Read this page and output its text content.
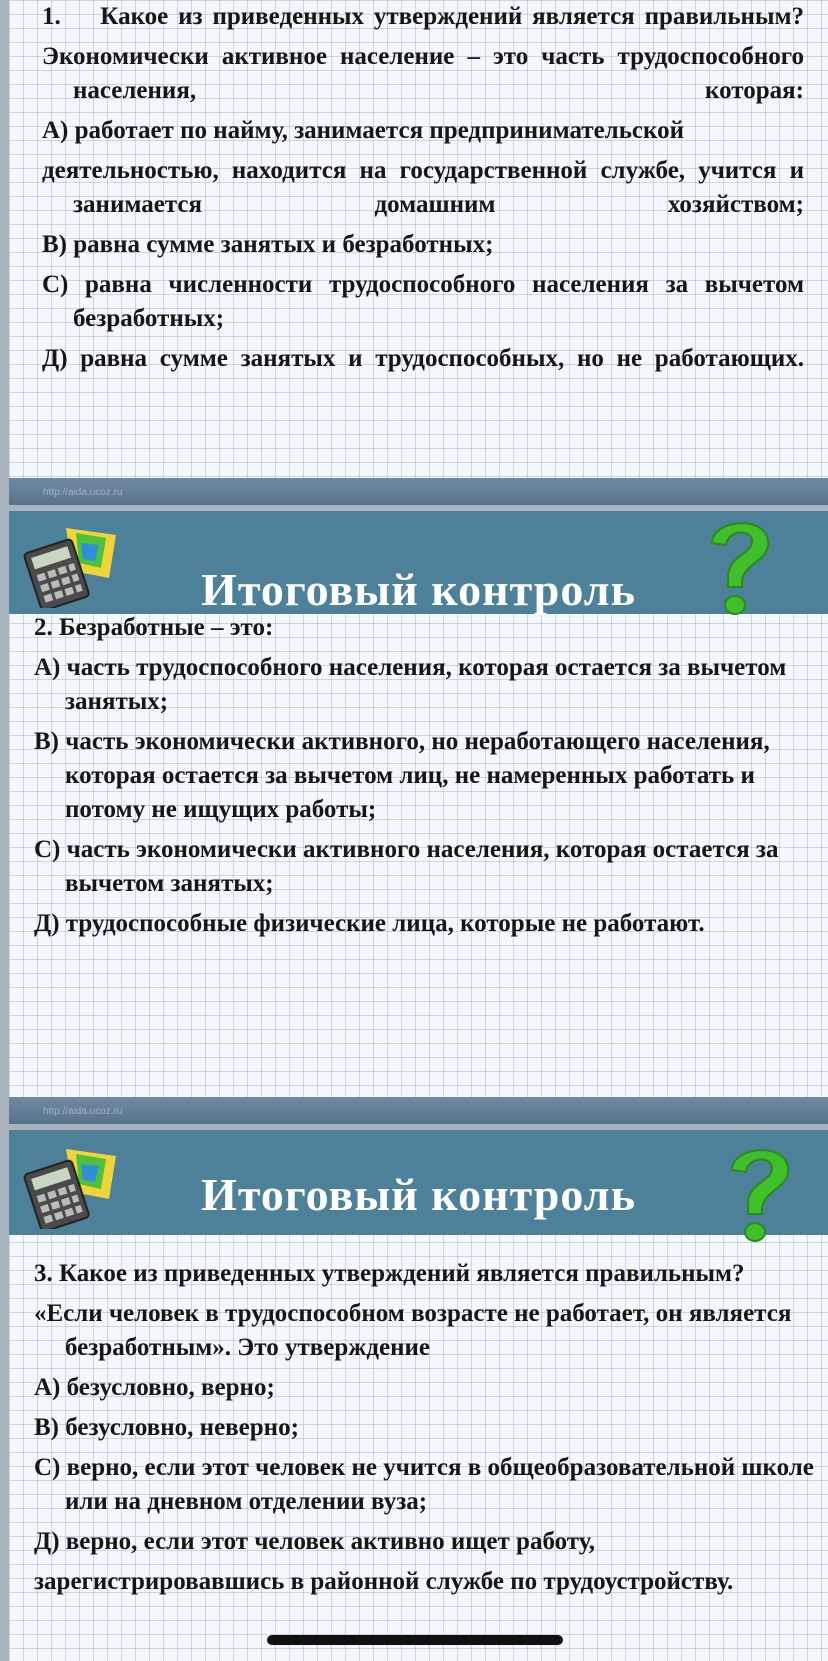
1.    Какое из приведенных утверждений является правильным?

Экономически активное население – это часть трудоспособного населения, которая:

А) работает по найму, занимается предпринимательской

деятельностью, находится на государственной службе, учится и занимается домашним хозяйством;

В) равна сумме занятых и безработных;

С) равна численности трудоспособного населения за вычетом безработных;

Д) равна сумме занятых и трудоспособных, но не работающих.

http://aida.ucoz.ru
Итоговый контроль

2. Безработные – это:

А) часть трудоспособного населения, которая остается за вычетом занятых;

В) часть экономически активного, но неработающего населения, которая остается за вычетом лиц, не намеренных работать и потому не ищущих работы;

С) часть экономически активного населения, которая остается за вычетом занятых;

Д) трудоспособные физические лица, которые не работают.

http://aida.ucoz.ru
Итоговый контроль

3. Какое из приведенных утверждений является правильным?

«Если человек в трудоспособном возрасте не работает, он является безработным». Это утверждение

А) безусловно, верно;

В) безусловно, неверно;

С) верно, если этот человек не учится в общеобразовательной школе или на дневном отделении вуза;

Д) верно, если этот человек активно ищет работу,

зарегистрировавшись в районной службе по трудоустройству.
